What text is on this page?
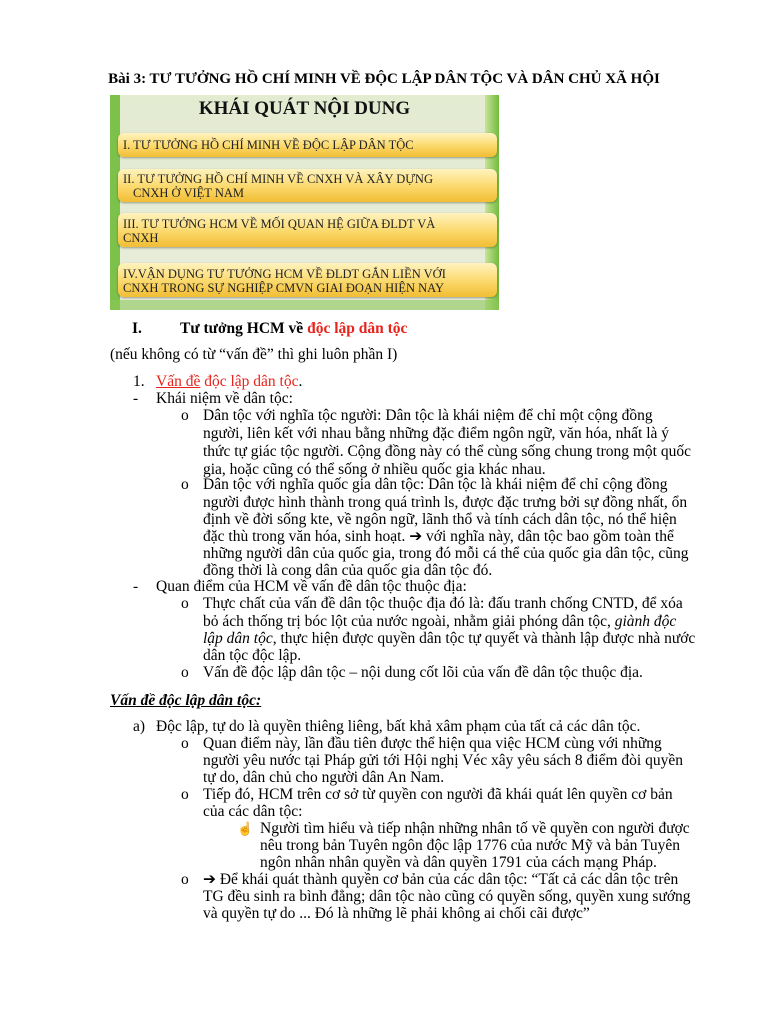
Bài 3: TƯ TƯỞNG HỒ CHÍ MINH VỀ ĐỘC LẬP DÂN TỘC VÀ DÂN CHỦ XÃ HỘI
KHÁI QUÁT NỘI DUNG
I. TƯ TƯỞNG HỒ CHÍ MINH VỀ ĐỘC LẬP DÂN TỘC
II. TƯ TƯỞNG HỒ CHÍ MINH VỀ CNXH VÀ XÂY DỰNG
CNXH Ở VIỆT NAM
III. TƯ TƯỞNG HCM VỀ MỐI QUAN HỆ GIỮA ĐLDT VÀ
CNXH
IV.VẬN DỤNG TƯ TƯỞNG HCM VỀ ĐLDT GẮN LIỀN VỚI
CNXH TRONG SỰ NGHIỆP CMVN GIAI ĐOẠN HIỆN NAY
I. Tư tưởng HCM về độc lập dân tộc
(nếu không có từ “vấn đề” thì ghi luôn phần I)
1. Vấn đề độc lập dân tộc.
- Khái niệm về dân tộc:
o Dân tộc với nghĩa tộc người: Dân tộc là khái niệm để chỉ một cộng đồng
người, liên kết với nhau bằng những đặc điểm ngôn ngữ, văn hóa, nhất là ý
thức tự giác tộc người. Cộng đồng này có thể cùng sống chung trong một quốc
gia, hoặc cũng có thể sống ở nhiều quốc gia khác nhau.
o Dân tộc với nghĩa quốc gia dân tộc: Dân tộc là khái niệm để chỉ cộng đồng
người được hình thành trong quá trình ls, được đặc trưng bởi sự đồng nhất, ổn
định về đời sống kte, về ngôn ngữ, lãnh thổ và tính cách dân tộc, nó thể hiện
đặc thù trong văn hóa, sinh hoạt. ➔ với nghĩa này, dân tộc bao gồm toàn thể
những người dân của quốc gia, trong đó mỗi cá thể của quốc gia dân tộc, cũng
đồng thời là cong dân của quốc gia dân tộc đó.
- Quan điểm của HCM về vấn đề dân tộc thuộc địa:
o Thực chất của vấn đề dân tộc thuộc địa đó là: đấu tranh chống CNTD, để xóa
bỏ ách thống trị bóc lột của nước ngoài, nhằm giải phóng dân tộc, giành độc
lập dân tộc, thực hiện được quyền dân tộc tự quyết và thành lập được nhà nước
dân tộc độc lập.
o Vấn đề độc lập dân tộc – nội dung cốt lõi của vấn đề dân tộc thuộc địa.
Vấn đề độc lập dân tộc:
a) Độc lập, tự do là quyền thiêng liêng, bất khả xâm phạm của tất cả các dân tộc.
o Quan điểm này, lần đầu tiên được thể hiện qua việc HCM cùng với những
người yêu nước tại Pháp gửi tới Hội nghị Véc xây yêu sách 8 điểm đòi quyền
tự do, dân chủ cho người dân An Nam.
o Tiếp đó, HCM trên cơ sở từ quyền con người đã khái quát lên quyền cơ bản
của các dân tộc:
☝ Người tìm hiểu và tiếp nhận những nhân tố về quyền con người được
nêu trong bản Tuyên ngôn độc lập 1776 của nước Mỹ và bản Tuyên
ngôn nhân nhân quyền và dân quyền 1791 của cách mạng Pháp.
o ➔ Để khái quát thành quyền cơ bản của các dân tộc: “Tất cả các dân tộc trên
TG đều sinh ra bình đẳng; dân tộc nào cũng có quyền sống, quyền xung sướng
và quyền tự do ... Đó là những lẽ phải không ai chối cãi được”
